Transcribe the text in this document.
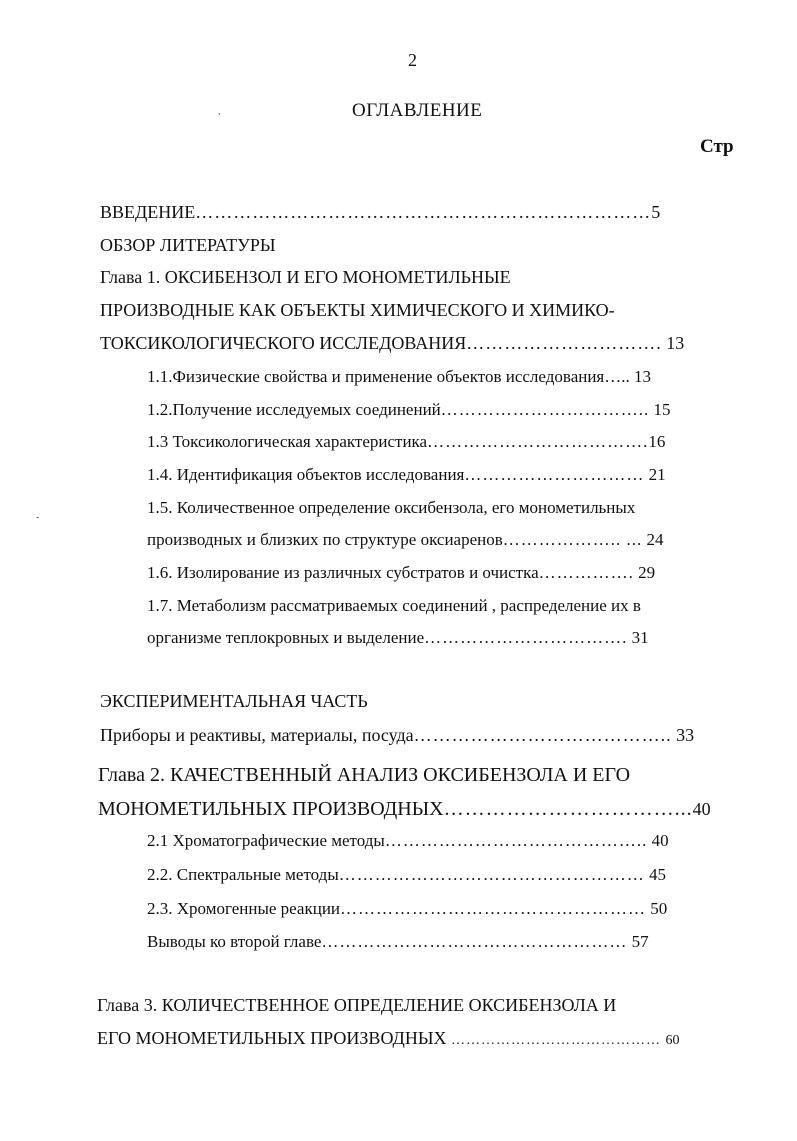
2
,	ОГЛАВЛЕНИЕ
Стр
-
ВВЕДЕНИЕ………………………………………………………………5
ОБЗОР ЛИТЕРАТУРЫ
Глава 1. ОКСИБЕНЗОЛ И ЕГО МОНОМЕТИЛЬНЫЕ
ПРОИЗВОДНЫЕ КАК ОБЪЕКТЫ ХИМИЧЕСКОГО И ХИМИКО-
ТОКСИКОЛОГИЧЕСКОГО ИССЛЕДОВАНИЯ…………………………. 13
1.1.Физические свойства и применение объектов исследования….. 13
1.2.Получение исследуемых соединений…………………………….. 15
1.3 Токсикологическая характеристика……………………………….16
1.4. Идентификация объектов исследования………………………… 21
1.5. Количественное определение оксибензола, его монометильных
производных и близких по структуре оксиаренов……………….. ... 24
1.6. Изолирование из различных субстратов и очистка……………. 29
1.7. Метаболизм рассматриваемых соединений , распределение их в
организме теплокровных и выделение……………………………. 31
ЭКСПЕРИМЕНТАЛЬНАЯ ЧАСТЬ
Приборы и реактивы, материалы, посуда………………………………….. 33
Глава 2. КАЧЕСТВЕННЫЙ АНАЛИЗ ОКСИБЕНЗОЛА И ЕГО
МОНОМЕТИЛЬНЫХ ПРОИЗВОДНЫХ……………………………...40
2.1 Хроматографические методы…………………………………….. 40
2.2. Спектральные методы…………………………………………… 45
2.3. Хромогенные реакции…………………………………………… 50
Выводы ко второй главе…………………………………………… 57
Глава 3. КОЛИЧЕСТВЕННОЕ ОПРЕДЕЛЕНИЕ ОКСИБЕНЗОЛА И
ЕГО МОНОМЕТИЛЬНЫХ ПРОИЗВОДНЫХ …………………………………… 60
